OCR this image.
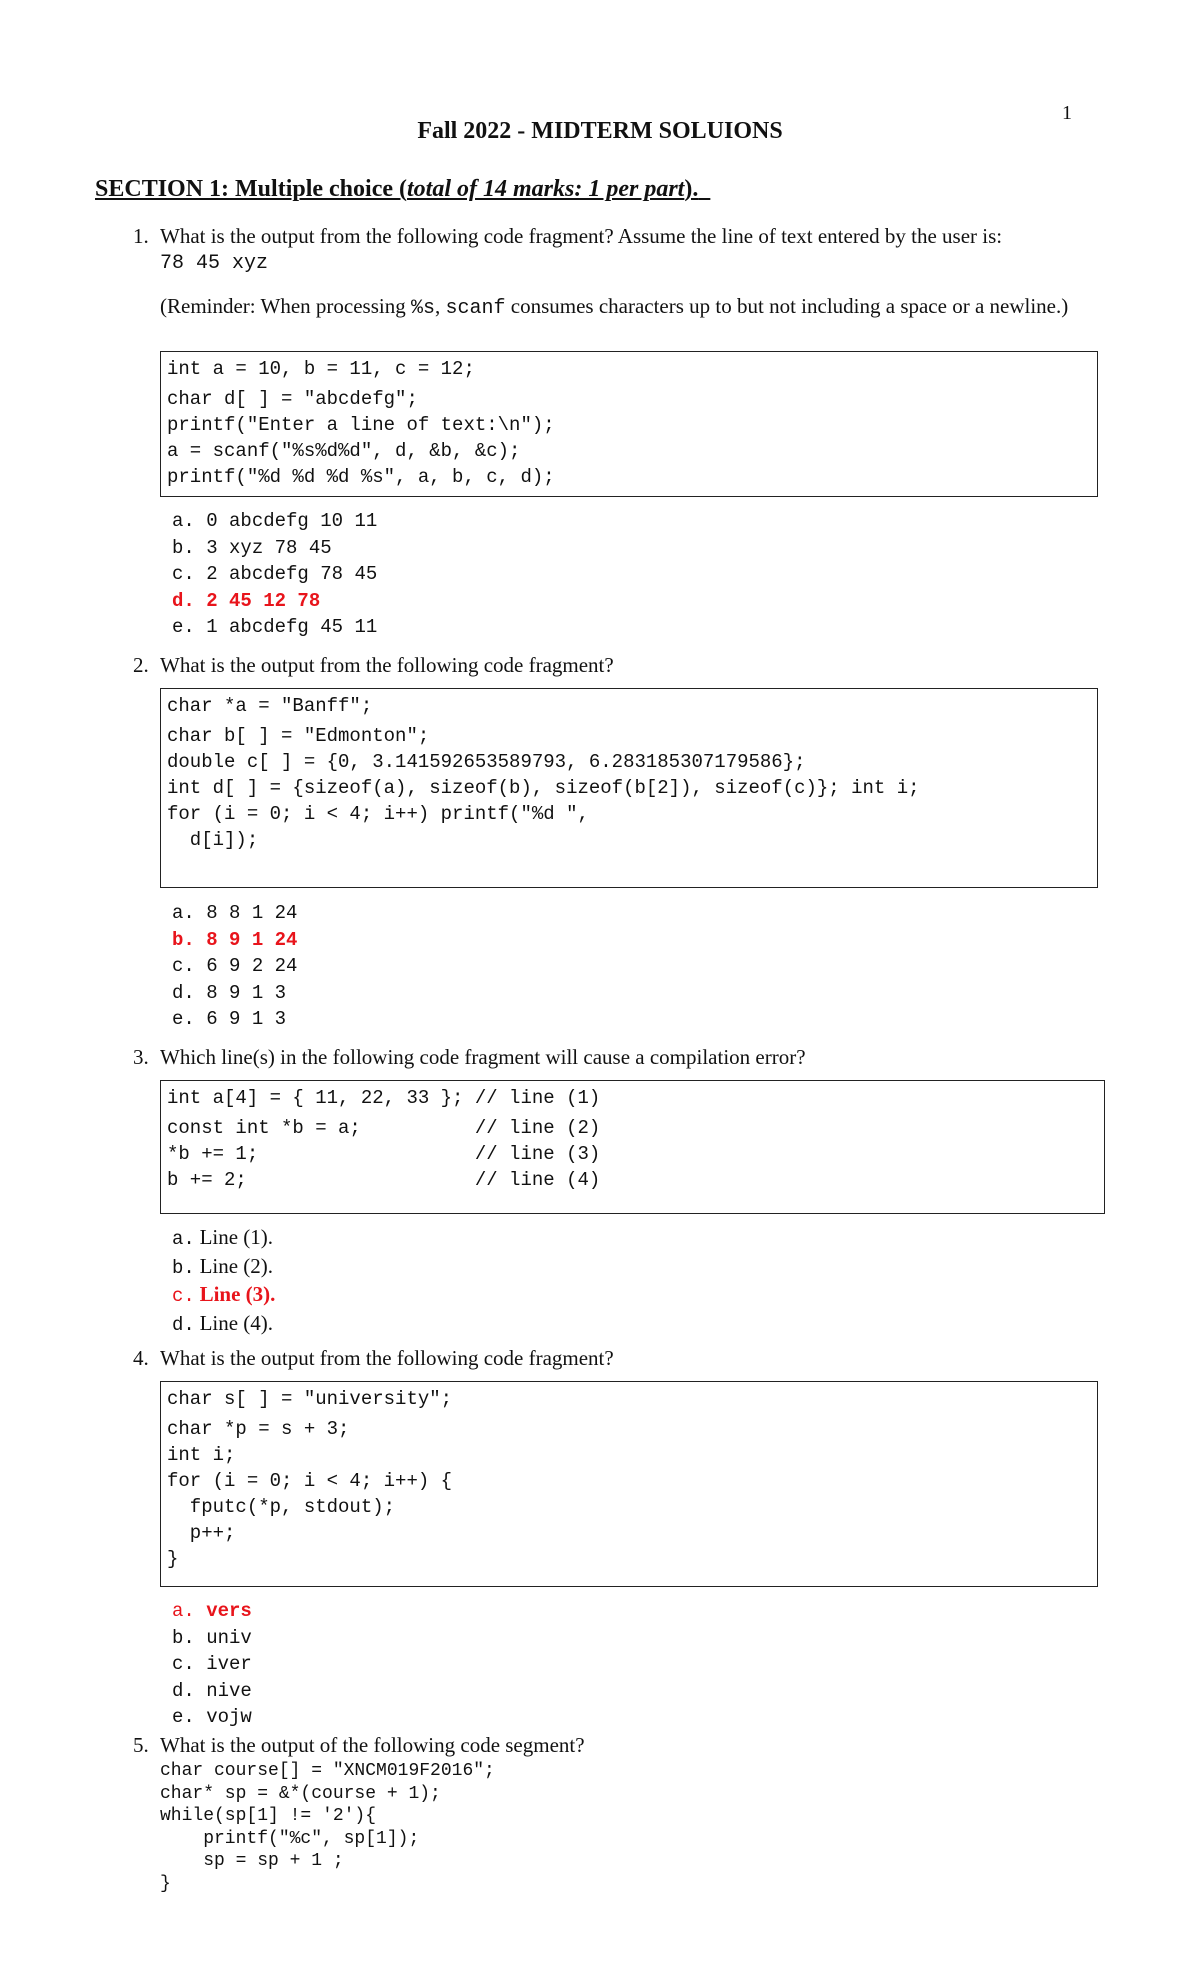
1
Fall 2022 - MIDTERM SOLUIONS
SECTION 1: Multiple choice (total of 14 marks: 1 per part).
1. What is the output from the following code fragment? Assume the line of text entered by the user is:
78 45 xyz
(Reminder: When processing %s, scanf consumes characters up to but not including a space or a newline.)
int a = 10, b = 11, c = 12;
char d[ ] = "abcdefg";
printf("Enter a line of text:\n");
a = scanf("%s%d%d", d, &b, &c);
printf("%d %d %d %s", a, b, c, d);
a. 0 abcdefg 10 11
b. 3 xyz 78 45
c. 2 abcdefg 78 45
d. 2 45 12 78
e. 1 abcdefg 45 11
2. What is the output from the following code fragment?
char *a = "Banff";
char b[ ] = "Edmonton";
double c[ ] = {0, 3.141592653589793, 6.283185307179586};
int d[ ] = {sizeof(a), sizeof(b), sizeof(b[2]), sizeof(c)}; int i;
for (i = 0; i < 4; i++) printf("%d ",
d[i]);
a. 8 8 1 24
b. 8 9 1 24
c. 6 9 2 24
d. 8 9 1 3
e. 6 9 1 3
3. Which line(s) in the following code fragment will cause a compilation error?
int a[4] = { 11, 22, 33 }; // line (1)
const int *b = a;          // line (2)
*b += 1;                   // line (3)
b += 2;                    // line (4)
a. Line (1).
b. Line (2).
c. Line (3).
d. Line (4).
4. What is the output from the following code fragment?
char s[ ] = "university";
char *p = s + 3;
int i;
for (i = 0; i < 4; i++) {
fputc(*p, stdout);
p++;
}
a. vers
b. univ
c. iver
d. nive
e. vojw
5. What is the output of the following code segment?
char course[] = "XNCM019F2016";
char* sp = &*(course + 1);
while(sp[1] != '2'){
printf("%c", sp[1]);
sp = sp + 1 ;
}
